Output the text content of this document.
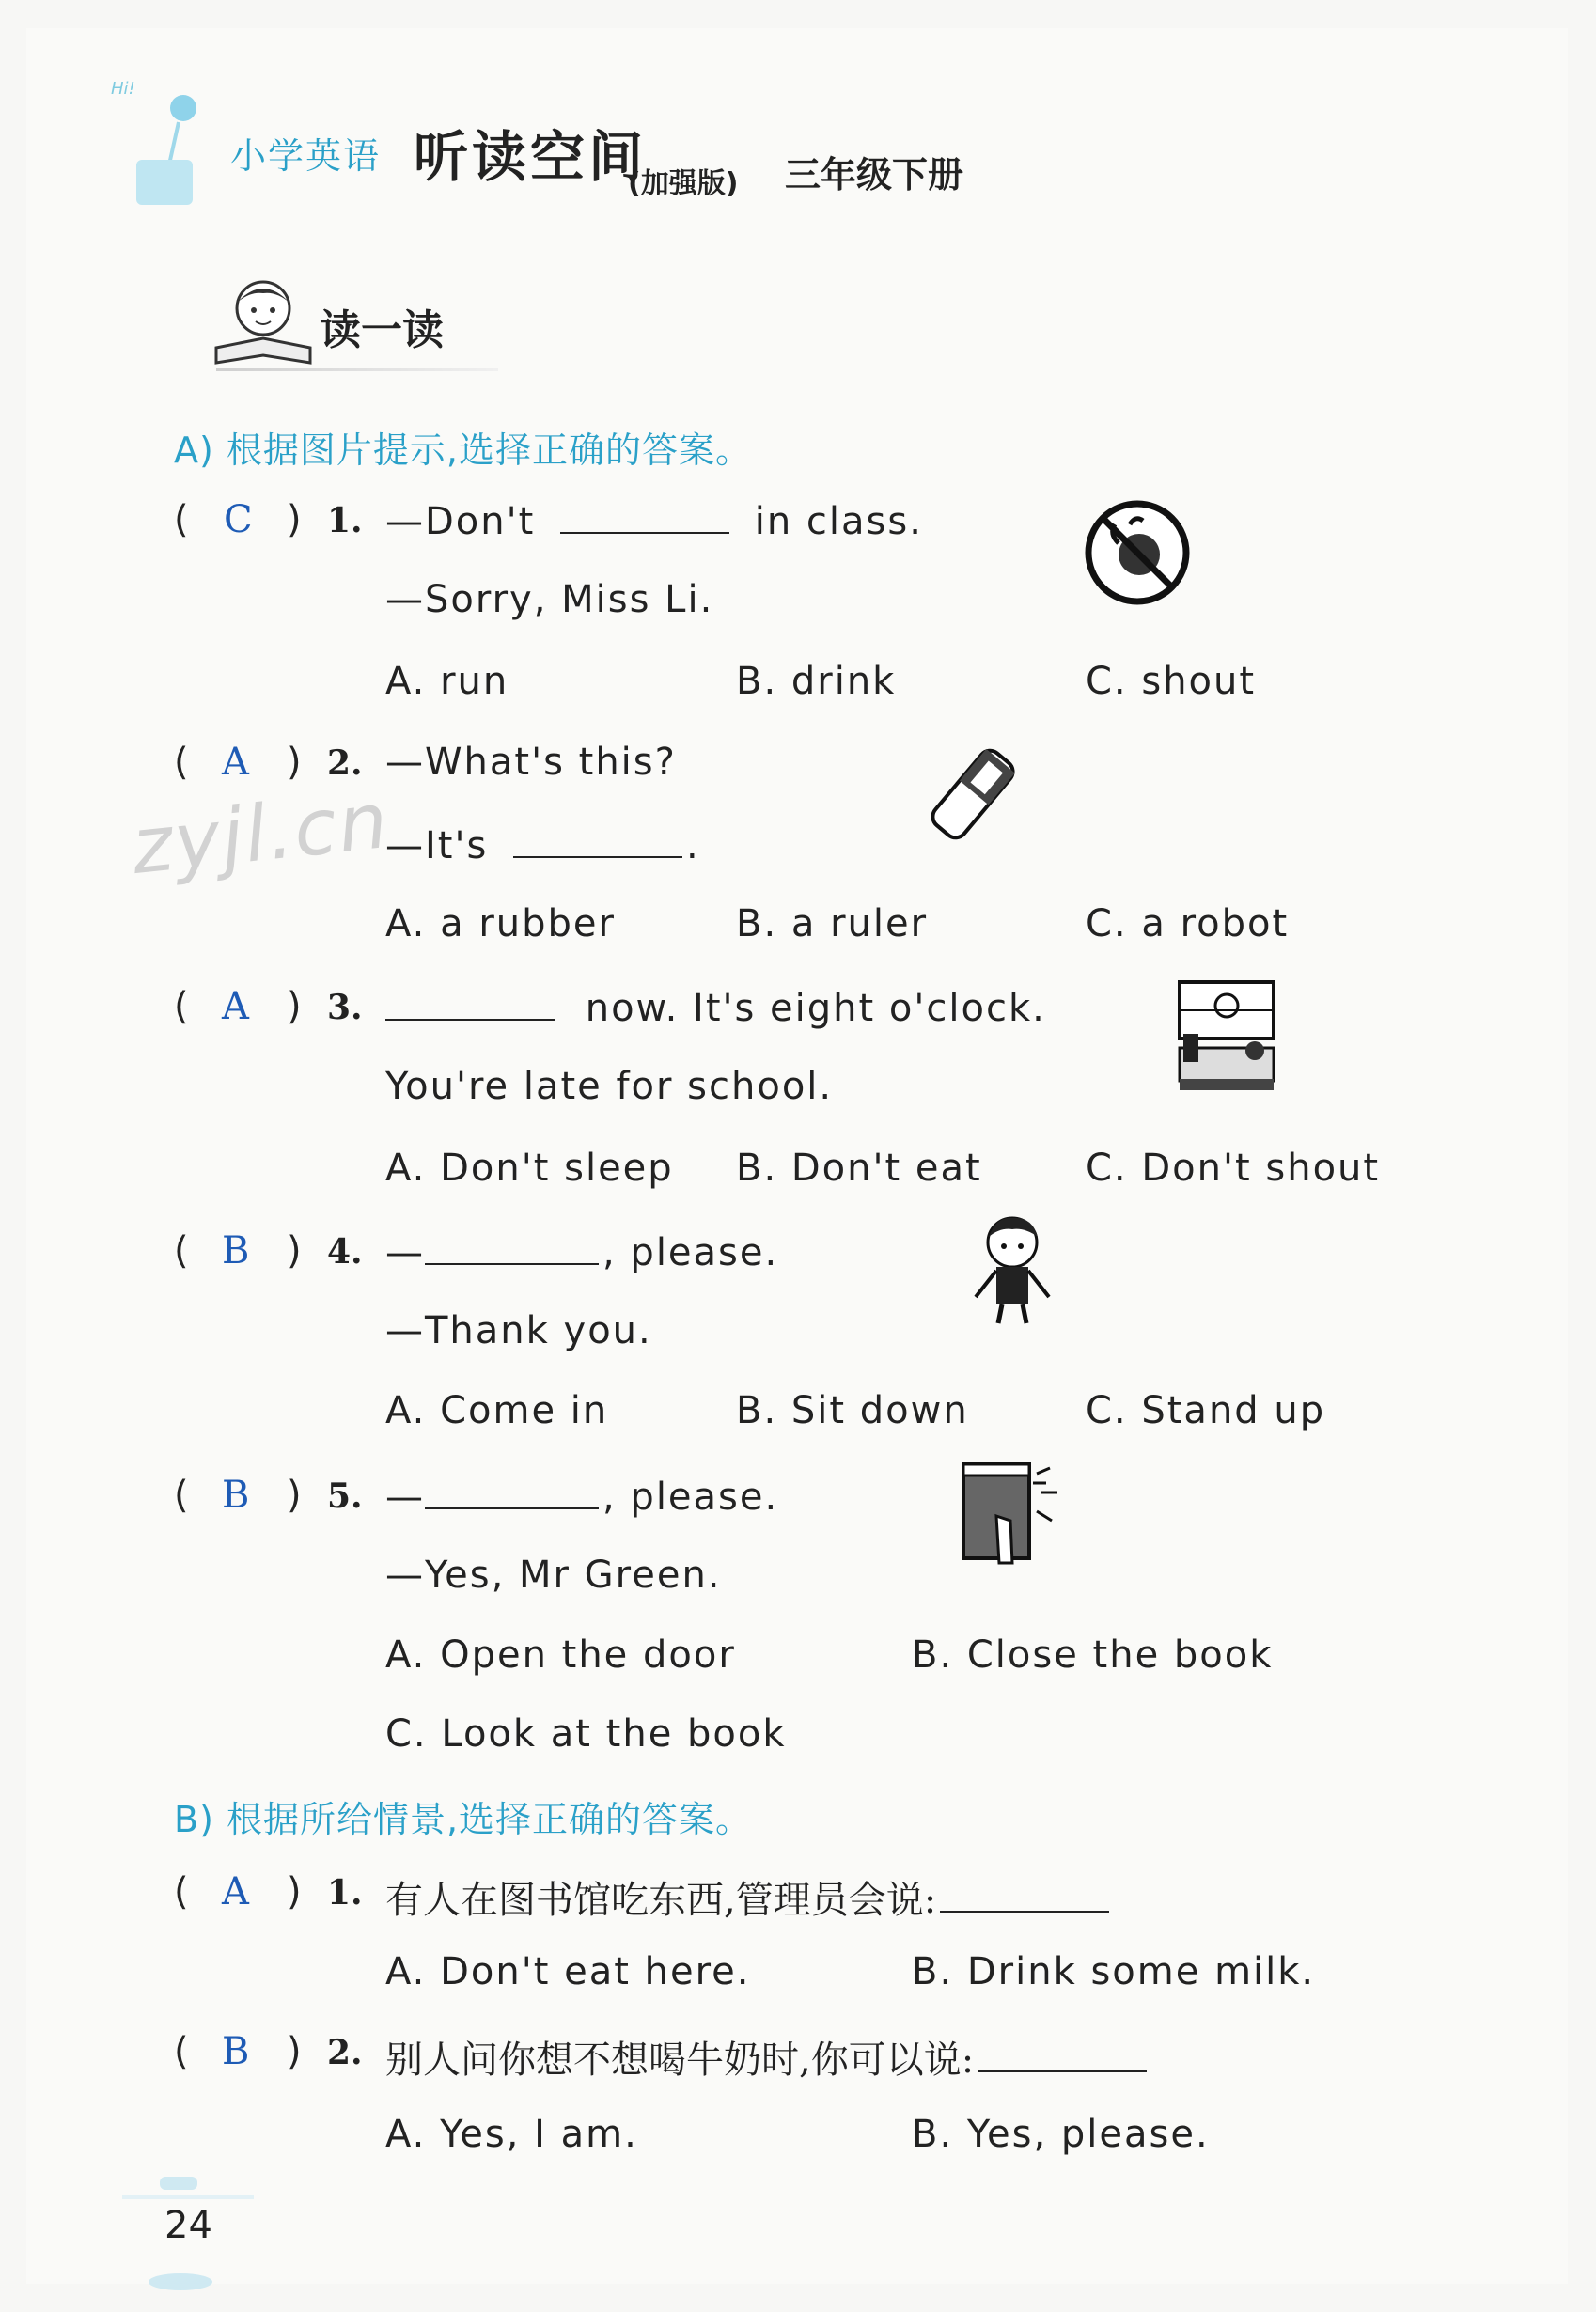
Hi!
小学英语 听读空间
(加强版) 三年级下册
读一读
A) 根据图片提示,选择正确的答案。
( C ) 1. —Don't	in class.
—Sorry, Miss Li.
A. run	B. drink	C. shout
( A ) 2. —What's this?
—It's	.
A. a rubber	B. a ruler	C. a robot
zyjl.cn
( A ) 3.	now. It's eight o'clock.
You're late for school.
A. Don't sleep B. Don't eat	C. Don't shout
( B ) 4. —	, please.
—Thank you.
A. Come in	B. Sit down	C. Stand up
( B ) 5. —	, please.
—Yes, Mr Green.
A. Open the door	B. Close the book
C. Look at the book
B) 根据所给情景,选择正确的答案。
( A ) 1. 有人在图书馆吃东西,管理员会说:
A. Don't eat here.	B. Drink some milk.
( B ) 2. 别人问你想不想喝牛奶时,你可以说:
A. Yes, I am.	B. Yes, please.
24
